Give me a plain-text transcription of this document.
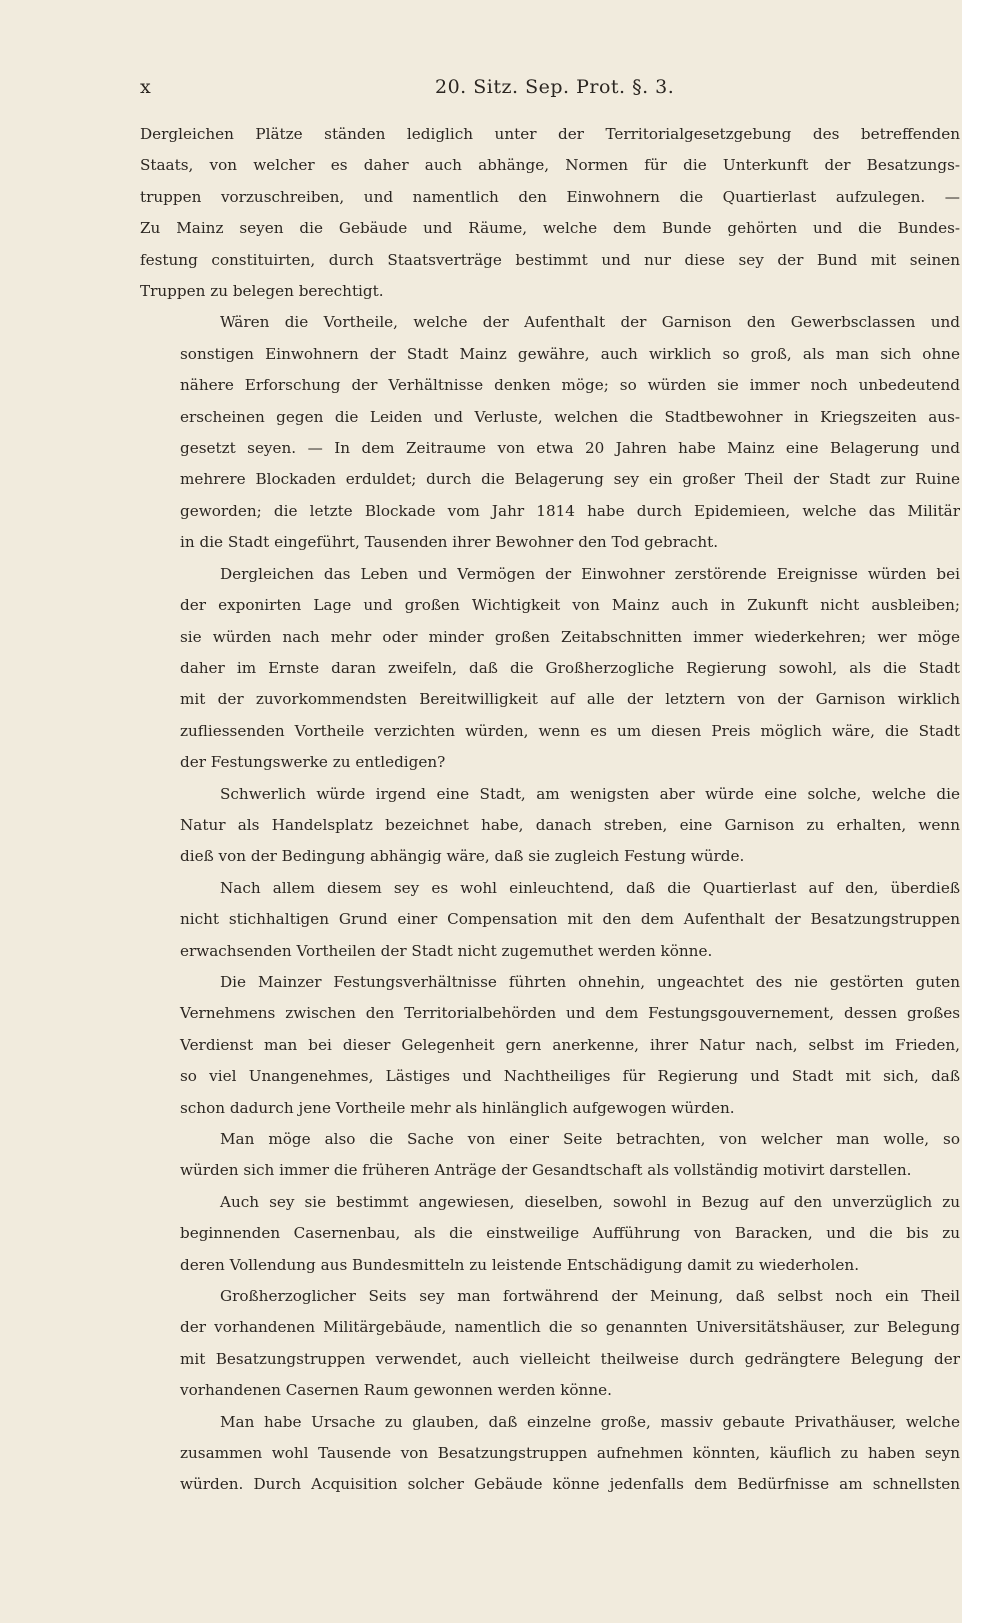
x	20. Sitz. Sep. Prot. §. 3.

Dergleichen Plätze ständen lediglich unter der Territorialgesetzgebung des betreffenden
Staats, von welcher es daher auch abhänge, Normen für die Unterkunft der Besatzungs-
truppen vorzuschreiben, und namentlich den Einwohnern die Quartierlast aufzulegen. —
Zu Mainz seyen die Gebäude und Räume, welche dem Bunde gehörten und die Bundes-
festung constituirten, durch Staatsverträge bestimmt und nur diese sey der Bund mit seinen
Truppen zu belegen berechtigt.

Wären die Vortheile, welche der Aufenthalt der Garnison den Gewerbsclassen und
sonstigen Einwohnern der Stadt Mainz gewähre, auch wirklich so groß, als man sich ohne
nähere Erforschung der Verhältnisse denken möge; so würden sie immer noch unbedeutend
erscheinen gegen die Leiden und Verluste, welchen die Stadtbewohner in Kriegszeiten aus-
gesetzt seyen. — In dem Zeitraume von etwa 20 Jahren habe Mainz eine Belagerung und
mehrere Blockaden erduldet; durch die Belagerung sey ein großer Theil der Stadt zur Ruine
geworden; die letzte Blockade vom Jahr 1814 habe durch Epidemieen, welche das Militär
in die Stadt eingeführt, Tausenden ihrer Bewohner den Tod gebracht.

Dergleichen das Leben und Vermögen der Einwohner zerstörende Ereignisse würden bei
der exponirten Lage und großen Wichtigkeit von Mainz auch in Zukunft nicht ausbleiben;
sie würden nach mehr oder minder großen Zeitabschnitten immer wiederkehren; wer möge
daher im Ernste daran zweifeln, daß die Großherzogliche Regierung sowohl, als die Stadt
mit der zuvorkommendsten Bereitwilligkeit auf alle der letztern von der Garnison wirklich
zufliessenden Vortheile verzichten würden, wenn es um diesen Preis möglich wäre, die Stadt
der Festungswerke zu entledigen?

Schwerlich würde irgend eine Stadt, am wenigsten aber würde eine solche, welche die
Natur als Handelsplatz bezeichnet habe, danach streben, eine Garnison zu erhalten, wenn
dieß von der Bedingung abhängig wäre, daß sie zugleich Festung würde.

Nach allem diesem sey es wohl einleuchtend, daß die Quartierlast auf den, überdieß
nicht stichhaltigen Grund einer Compensation mit den dem Aufenthalt der Besatzungstruppen
erwachsenden Vortheilen der Stadt nicht zugemuthet werden könne.

Die Mainzer Festungsverhältnisse führten ohnehin, ungeachtet des nie gestörten guten
Vernehmens zwischen den Territorialbehörden und dem Festungsgouvernement, dessen großes
Verdienst man bei dieser Gelegenheit gern anerkenne, ihrer Natur nach, selbst im Frieden,
so viel Unangenehmes, Lästiges und Nachtheiliges für Regierung und Stadt mit sich, daß
schon dadurch jene Vortheile mehr als hinlänglich aufgewogen würden.

Man möge also die Sache von einer Seite betrachten, von welcher man wolle, so
würden sich immer die früheren Anträge der Gesandtschaft als vollständig motivirt darstellen.

Auch sey sie bestimmt angewiesen, dieselben, sowohl in Bezug auf den unverzüglich zu
beginnenden Casernenbau, als die einstweilige Aufführung von Baracken, und die bis zu
deren Vollendung aus Bundesmitteln zu leistende Entschädigung damit zu wiederholen.

Großherzoglicher Seits sey man fortwährend der Meinung, daß selbst noch ein Theil
der vorhandenen Militärgebäude, namentlich die so genannten Universitätshäuser, zur Belegung
mit Besatzungstruppen verwendet, auch vielleicht theilweise durch gedrängtere Belegung der
vorhandenen Casernen Raum gewonnen werden könne.

Man habe Ursache zu glauben, daß einzelne große, massiv gebaute Privathäuser, welche
zusammen wohl Tausende von Besatzungstruppen aufnehmen könnten, käuflich zu haben seyn
würden. Durch Acquisition solcher Gebäude könne jedenfalls dem Bedürfnisse am schnellsten
